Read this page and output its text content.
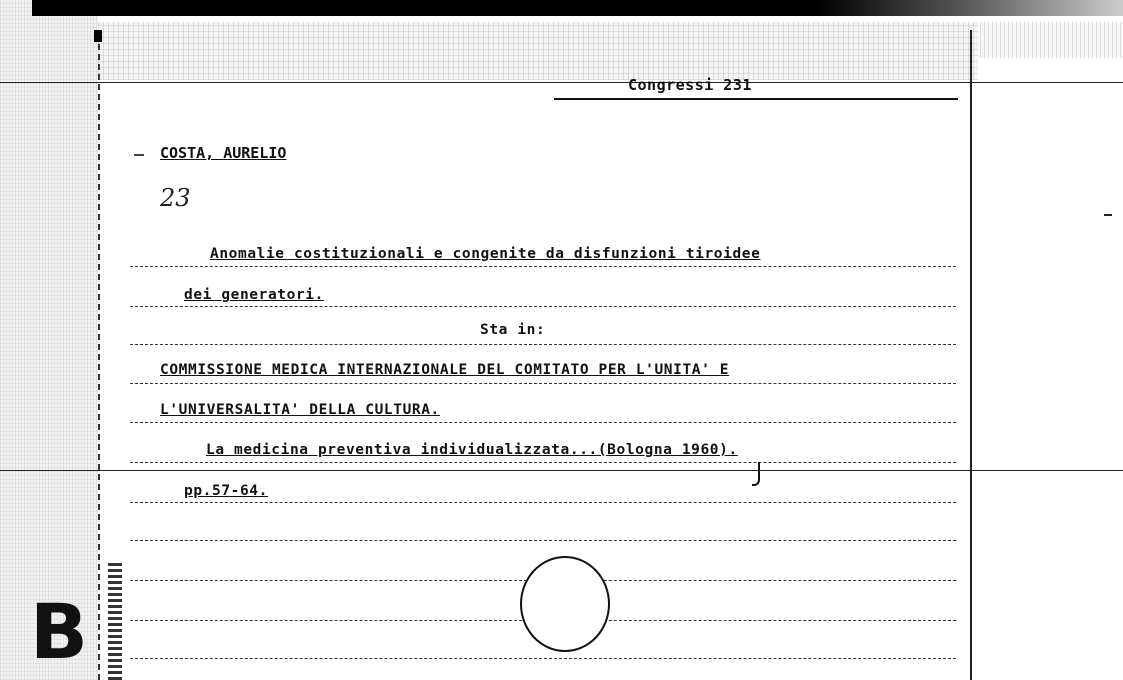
Congressi 231
COSTA, AURELIO
23
Anomalie costituzionali e congenite da disfunzioni tiroidee
dei generatori.
Sta in:
COMMISSIONE MEDICA INTERNAZIONALE DEL COMITATO PER L'UNITA' E
L'UNIVERSALITA' DELLA CULTURA.
La medicina preventiva individualizzata...(Bologna 1960).
pp.57-64.
B
